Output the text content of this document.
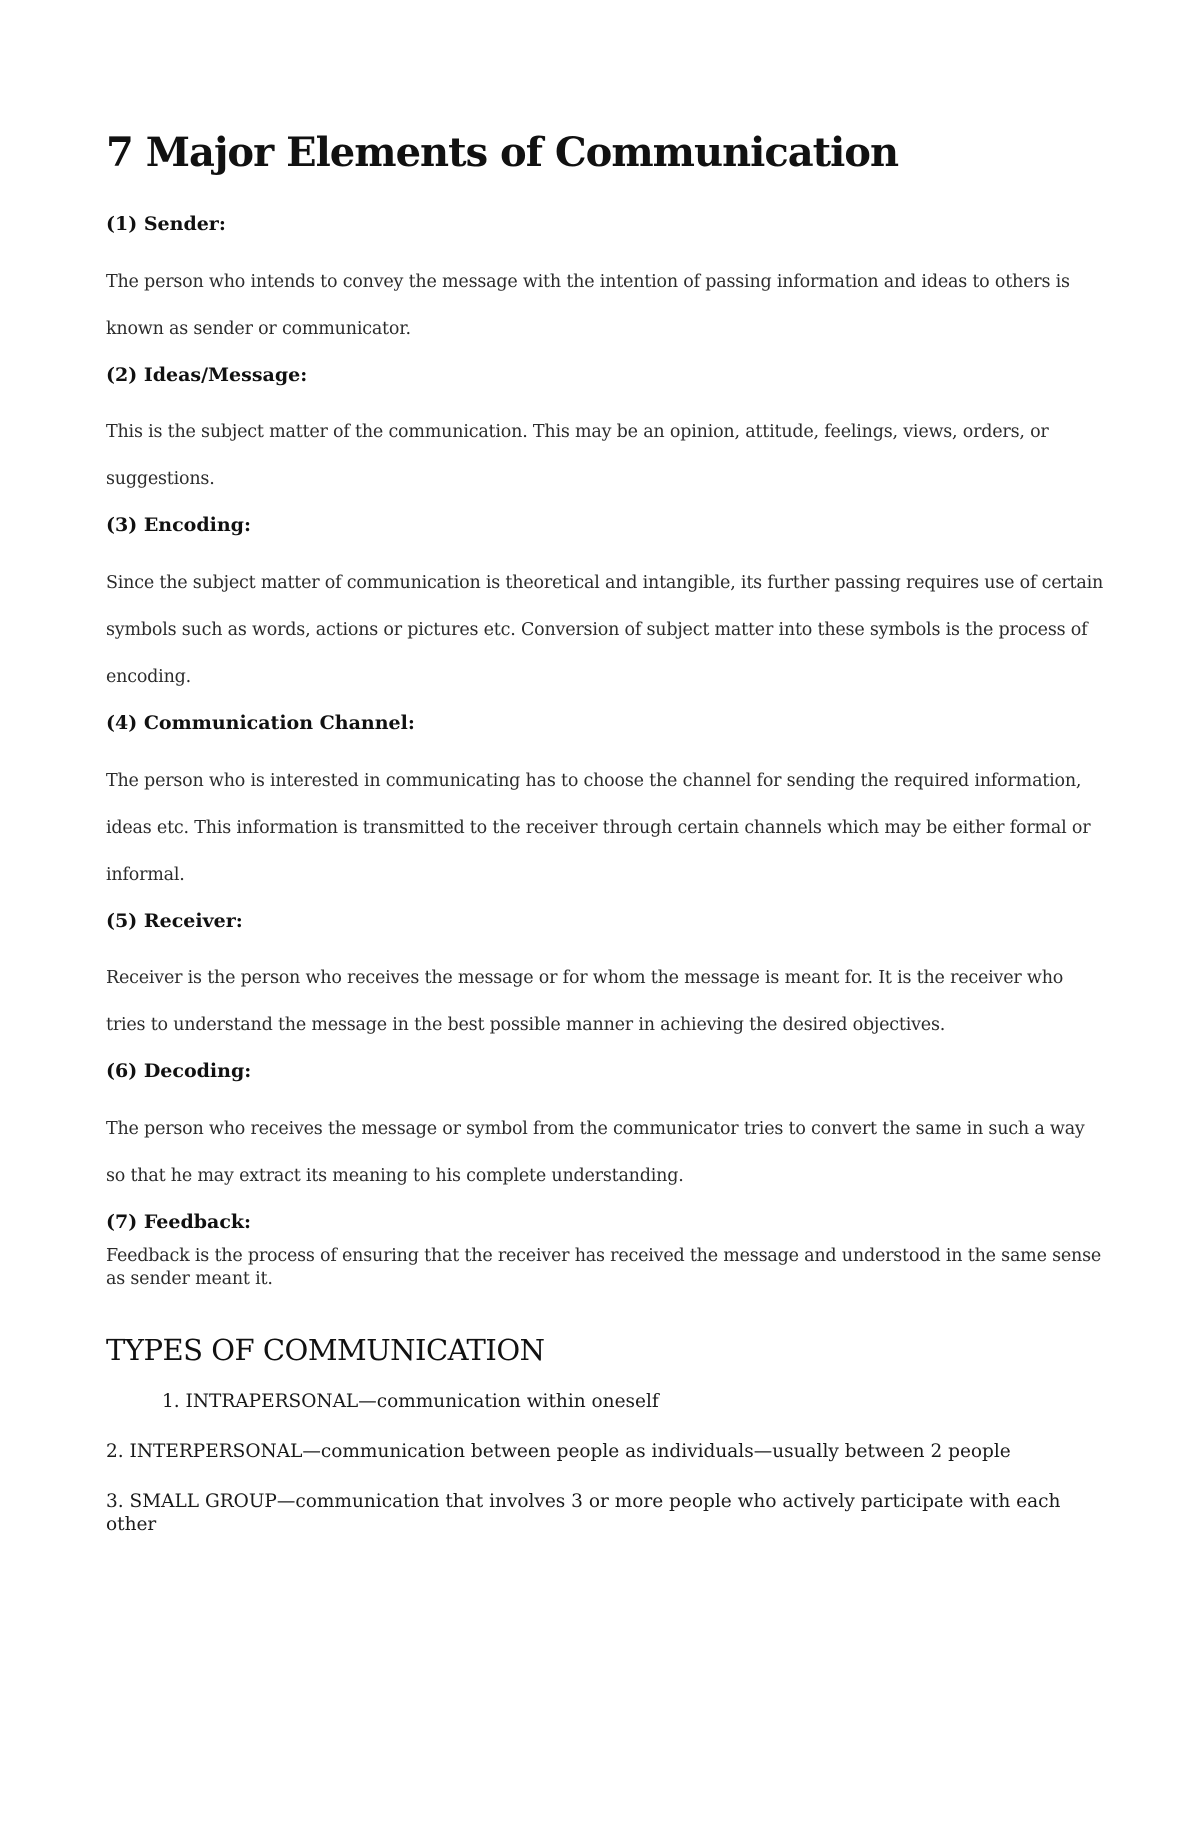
7 Major Elements of Communication
(1) Sender:

The person who intends to convey the message with the intention of passing information and ideas to others is known as sender or communicator.

(2) Ideas/Message:

This is the subject matter of the communication. This may be an opinion, attitude, feelings, views, orders, or suggestions.

(3) Encoding:

Since the subject matter of communication is theoretical and intangible, its further passing requires use of certain symbols such as words, actions or pictures etc. Conversion of subject matter into these symbols is the process of encoding.

(4) Communication Channel:

The person who is interested in communicating has to choose the channel for sending the required information, ideas etc. This information is transmitted to the receiver through certain channels which may be either formal or informal.

(5) Receiver:

Receiver is the person who receives the message or for whom the message is meant for. It is the receiver who tries to understand the message in the best possible manner in achieving the desired objectives.

(6) Decoding:

The person who receives the message or symbol from the communicator tries to convert the same in such a way so that he may extract its meaning to his complete understanding.

(7) Feedback:

Feedback is the process of ensuring that the receiver has received the message and understood in the same sense as sender meant it.

TYPES OF COMMUNICATION
1. INTRAPERSONAL—communication within oneself
2. INTERPERSONAL—communication between people as individuals—usually between 2 people
3. SMALL GROUP—communication that involves 3 or more people who actively participate with each other
